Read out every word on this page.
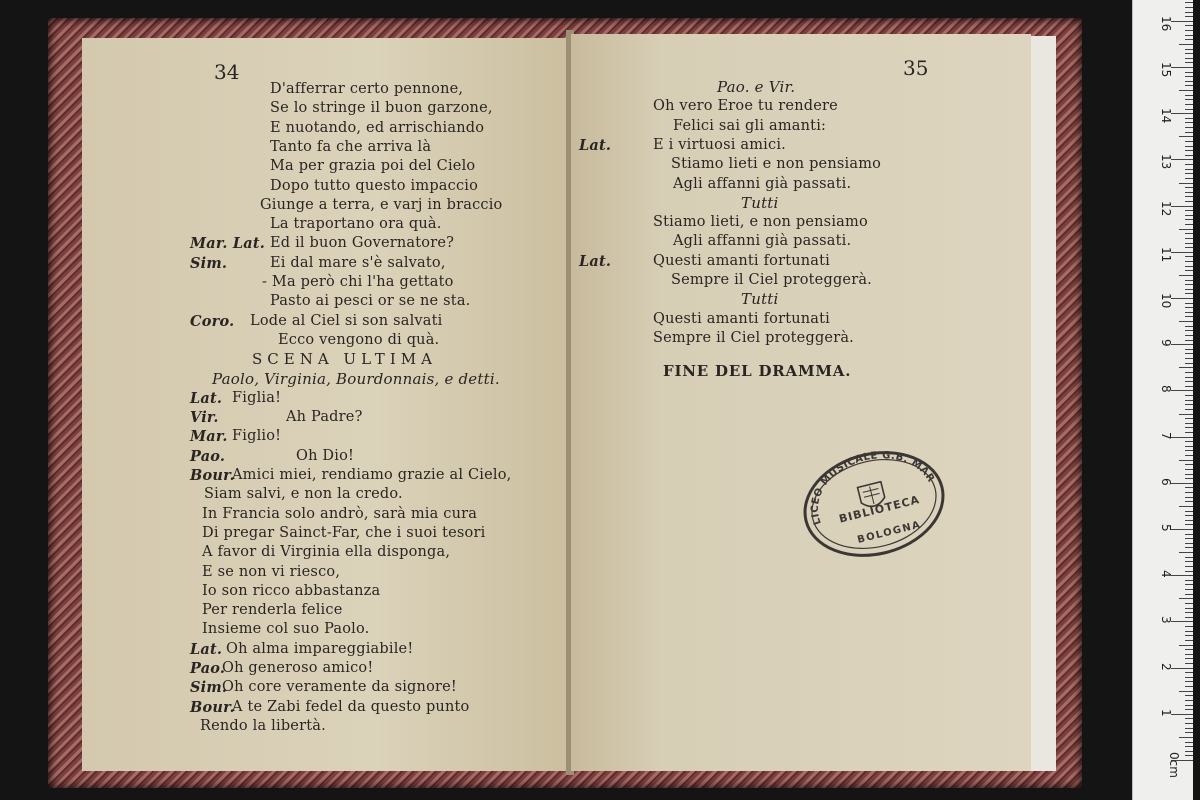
34
D'afferrar certo pennone,
Se lo stringe il buon garzone,
E nuotando, ed arrischiando
Tanto fa che arriva là
Ma per grazia poi del Cielo
Dopo tutto questo impaccio
Giunge a terra, e varj in braccio
La traportano ora quà.
Mar. Lat. Ed il buon Governatore?
Sim.	Ei dal mare s'è salvato,
- Ma però chi l'ha gettato
Pasto ai pesci or se ne sta.
Coro. Lode al Ciel si son salvati
Ecco vengono di quà.
SCENA ULTIMA
Paolo, Virginia, Bourdonnais, e detti.
Lat. Figlia!
Vir.	Ah Padre?
Mar. Figlio!
Pao.	Oh Dio!
Bour.
Amici miei, rendiamo grazie al Cielo,
Siam salvi, e non la credo.
In Francia solo andrò, sarà mia cura
Di pregar Sainct-Far, che i suoi tesori
A favor di Virginia ella disponga,
E se non vi riesco,
Io son ricco abbastanza
Per renderla felice
Insieme col suo Paolo.
Lat. Oh alma impareggiabile!
Pao.
Oh generoso amico!
Sim.
Oh core veramente da signore!
Bour.
A te Zabi fedel da questo punto
Rendo la libertà.
35
Pao. e Vir.
Oh vero Eroe tu rendere
Felici sai gli amanti:
Lat.	E i virtuosi amici.
Stiamo lieti e non pensiamo
Agli affanni già passati.
Tutti
Stiamo lieti, e non pensiamo
Agli affanni già passati.
Lat.	Questi amanti fortunati
Sempre il Ciel proteggerà.
Tutti
Questi amanti fortunati
Sempre il Ciel proteggerà.
FINE DEL DRAMMA.
LICEO MUSICALE G.B. MARTINI
BIBLIOTECA
BOLOGNA
0cm
1
2
3
4
5
6
7
8
9
10
11
12
13
14
15
16
